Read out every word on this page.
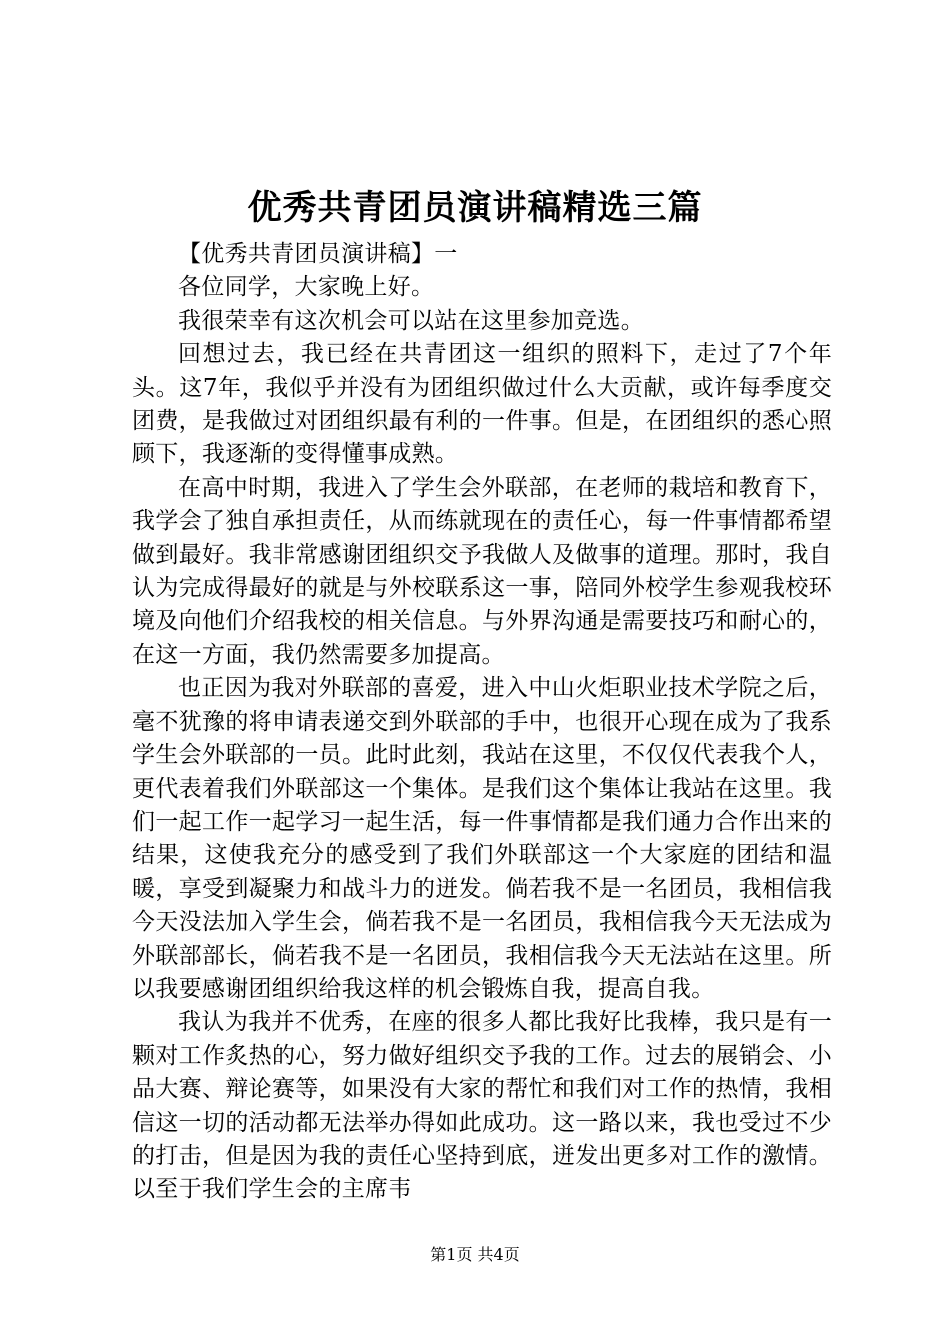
优秀共青团员演讲稿精选三篇

【优秀共青团员演讲稿】一

各位同学，大家晚上好。

我很荣幸有这次机会可以站在这里参加竞选。

回想过去，我已经在共青团这一组织的照料下，走过了7个年头。这7年，我似乎并没有为团组织做过什么大贡献，或许每季度交团费，是我做过对团组织最有利的一件事。但是，在团组织的悉心照顾下，我逐渐的变得懂事成熟。

在高中时期，我进入了学生会外联部，在老师的栽培和教育下，我学会了独自承担责任，从而练就现在的责任心，每一件事情都希望做到最好。我非常感谢团组织交予我做人及做事的道理。那时，我自认为完成得最好的就是与外校联系这一事，陪同外校学生参观我校环境及向他们介绍我校的相关信息。与外界沟通是需要技巧和耐心的，在这一方面，我仍然需要多加提高。

也正因为我对外联部的喜爱，进入中山火炬职业技术学院之后，毫不犹豫的将申请表递交到外联部的手中，也很开心现在成为了我系学生会外联部的一员。此时此刻，我站在这里，不仅仅代表我个人，更代表着我们外联部这一个集体。是我们这个集体让我站在这里。我们一起工作一起学习一起生活，每一件事情都是我们通力合作出来的结果，这使我充分的感受到了我们外联部这一个大家庭的团结和温暖，享受到凝聚力和战斗力的迸发。倘若我不是一名团员，我相信我今天没法加入学生会，倘若我不是一名团员，我相信我今天无法成为外联部部长，倘若我不是一名团员，我相信我今天无法站在这里。所以我要感谢团组织给我这样的机会锻炼自我，提高自我。

我认为我并不优秀，在座的很多人都比我好比我棒，我只是有一颗对工作炙热的心，努力做好组织交予我的工作。过去的展销会、小品大赛、辩论赛等，如果没有大家的帮忙和我们对工作的热情，我相信这一切的活动都无法举办得如此成功。这一路以来，我也受过不少的打击，但是因为我的责任心坚持到底，迸发出更多对工作的激情。以至于我们学生会的主席韦

第1页 共4页
